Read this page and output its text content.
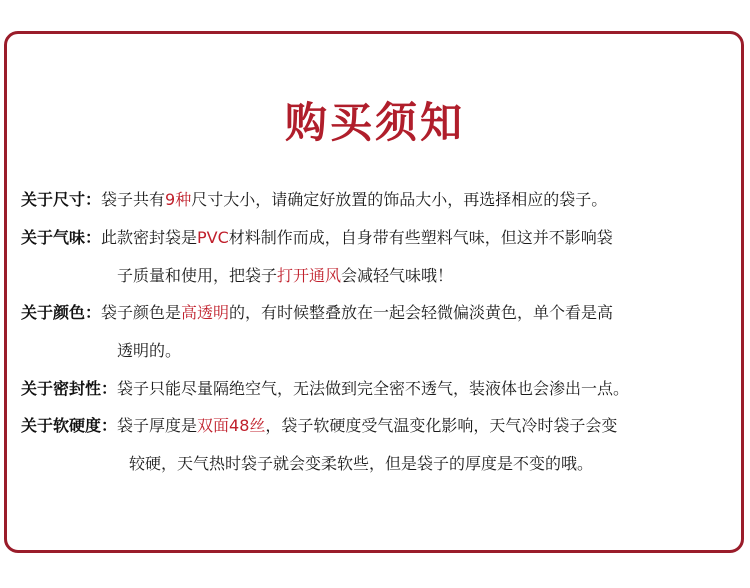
购买须知
关于尺寸：袋子共有9种尺寸大小，请确定好放置的饰品大小，再选择相应的袋子。
关于气味：此款密封袋是PVC材料制作而成，自身带有些塑料气味，但这并不影响袋
子质量和使用，把袋子打开通风会减轻气味哦！
关于颜色：袋子颜色是高透明的，有时候整叠放在一起会轻微偏淡黄色，单个看是高
透明的。
关于密封性：袋子只能尽量隔绝空气，无法做到完全密不透气，装液体也会渗出一点。
关于软硬度：袋子厚度是双面48丝，袋子软硬度受气温变化影响，天气冷时袋子会变
较硬，天气热时袋子就会变柔软些，但是袋子的厚度是不变的哦。
